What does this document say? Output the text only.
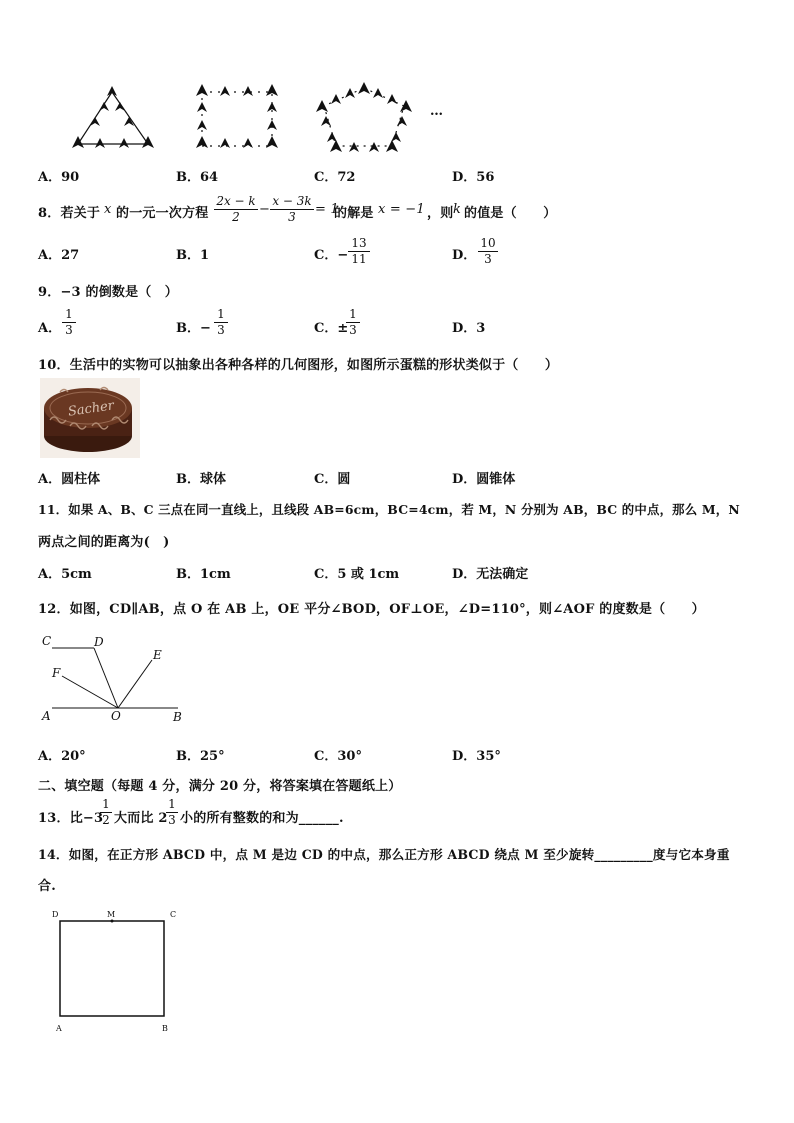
…
A．90	B．64	C．72	D．56
8．若关于 x 的一元一次方程 $\frac{2x - k}{2} - \frac{x - 3k}{3} = 1$
的解是 x = −1 ，则 k 的值是（　　）
A．27	B．1	C．− $\frac{13}{11}$	D． $\frac{10}{3}$
9．−3 的倒数是（　）
A． $\frac{1}{3}$	B．− $\frac{1}{3}$	C．±
$\frac{1}{3}$	D．3
10．生活中的实物可以抽象出各种各样的几何图形，如图所示蛋糕的形状类似于（　　）
Sacher
A．圆柱体	B．球体	C．圆	D．圆锥体
11．如果 A、B、C 三点在同一直线上，且线段 AB=6cm，BC=4cm，若 M，N 分别为 AB，BC 的中点，那么 M，N
两点之间的距离为(　)
A．5cm	B．1cm	C．5 或 1cm	D．无法确定
12．如图，CD∥AB，点 O 在 AB 上，OE 平分∠BOD，OF⊥OE，∠D=110°，则∠AOF 的度数是（　　）
C	D
E
F
A	O	B
A．20°	B．25°	C．30°	D．35°
二、填空题（每题 4 分，满分 20 分，将答案填在答题纸上）
13．比−3
$\frac{1}{2}$ 大而比 2
$\frac{1}{3}$ 小的所有整数的和为______.
14．如图，在正方形 ABCD 中，点 M 是边 CD 的中点，那么正方形 ABCD 绕点 M 至少旋转_________度与它本身重
合.
D	M	C
A	B
